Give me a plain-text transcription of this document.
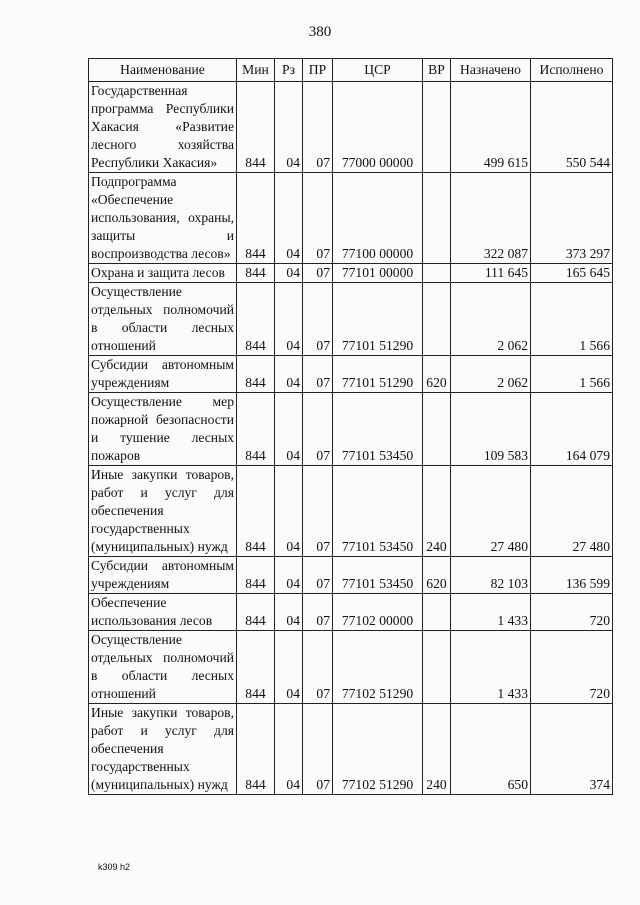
380
Наименование	Мин	Рз	ПР	ЦСР	ВР	Назначено	Исполнено
Государственная программа Республики Хакасия «Развитие лесного хозяйства Республики Хакасия»	844	04	07	77000 00000		499 615	550 544
Подпрограмма «Обеспечение использования, охраны, защиты и воспроизводства лесов»	844	04	07	77100 00000		322 087	373 297
Охрана и защита лесов	844	04	07	77101 00000		111 645	165 645
Осуществление отдельных полномочий в области лесных отношений	844	04	07	77101 51290		2 062	1 566
Субсидии автономным учреждениям	844	04	07	77101 51290	620	2 062	1 566
Осуществление мер пожарной безопасности и тушение лесных пожаров	844	04	07	77101 53450		109 583	164 079
Иные закупки товаров, работ и услуг для обеспечения государственных (муниципальных) нужд	844	04	07	77101 53450	240	27 480	27 480
Субсидии автономным учреждениям	844	04	07	77101 53450	620	82 103	136 599
Обеспечение использования лесов	844	04	07	77102 00000		1 433	720
Осуществление отдельных полномочий в области лесных отношений	844	04	07	77102 51290		1 433	720
Иные закупки товаров, работ и услуг для обеспечения государственных (муниципальных) нужд	844	04	07	77102 51290	240	650	374
k309 h2
